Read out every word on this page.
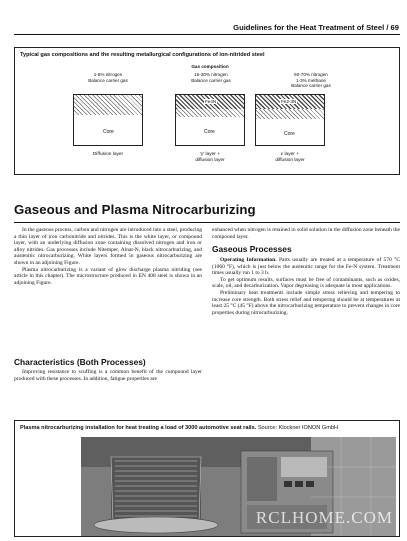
Guidelines for the Heat Treatment of Steel / 69
Typical gas compositions and the resulting metallurgical configurations of ion-nitrided steel
Gas composition
1-5% nitrogen
Balance carrier gas
Core
Diffusion layer
15-30% nitrogen
Balance carrier gas
Fe4N
Core
'γ' layer +
diffusion layer
60-70% nitrogen
1-3% methane
Balance carrier gas
Fe2-3N
Core
ε layer +
diffusion layer
Gaseous and Plasma Nitrocarburizing

In the gaseous process, carbon and nitrogen are introduced into a steel, producing a thin layer of iron carbonitride and nitrides. This is the white layer, or compound layer, with an underlying diffusion zone containing dissolved nitrogen and iron or alloy nitrides. Gas processes include Nitemper, Alnat-N, black nitrocarburizing, and austenitic nitrocarburizing. White layers formed in gaseous nitrocarburizing are shown in an adjoining Figure.

Plasma nitrocarburizing is a variant of glow discharge plasma nitriding (see article in this chapter). The microstructure produced in EN 408 steel is shown in an adjoining Figure.

Characteristics (Both Processes)

Improving resistance to scuffing is a common benefit of the compound layer produced with these processes. In addition, fatigue properties are

enhanced when nitrogen is retained in solid solution in the diffusion zone beneath the compound layer.

Gaseous Processes

Operating Information. Parts usually are treated at a temperature of 570 °C (1060 °F), which is just below the austenitic range for the Fe-N system. Treatment times usually run 1 to 3 h.

To get optimum results, surfaces must be free of contaminants, such as oxides, scale, oil, and decarburization. Vapor degreasing is adequate in most applications.

Preliminary heat treatments include simple stress relieving and tempering to increase core strength. Both stress relief and tempering should be at temperatures at least 25 °C (45 °F) above the nitrocarburizing temperature to prevent changes in core properties during nitrocarburizing.

Plasma nitrocarburizing installation for heat treating a load of 3000 automotive seat rails. Source: Klockner IONON GmbH
RCLHOME.COM
